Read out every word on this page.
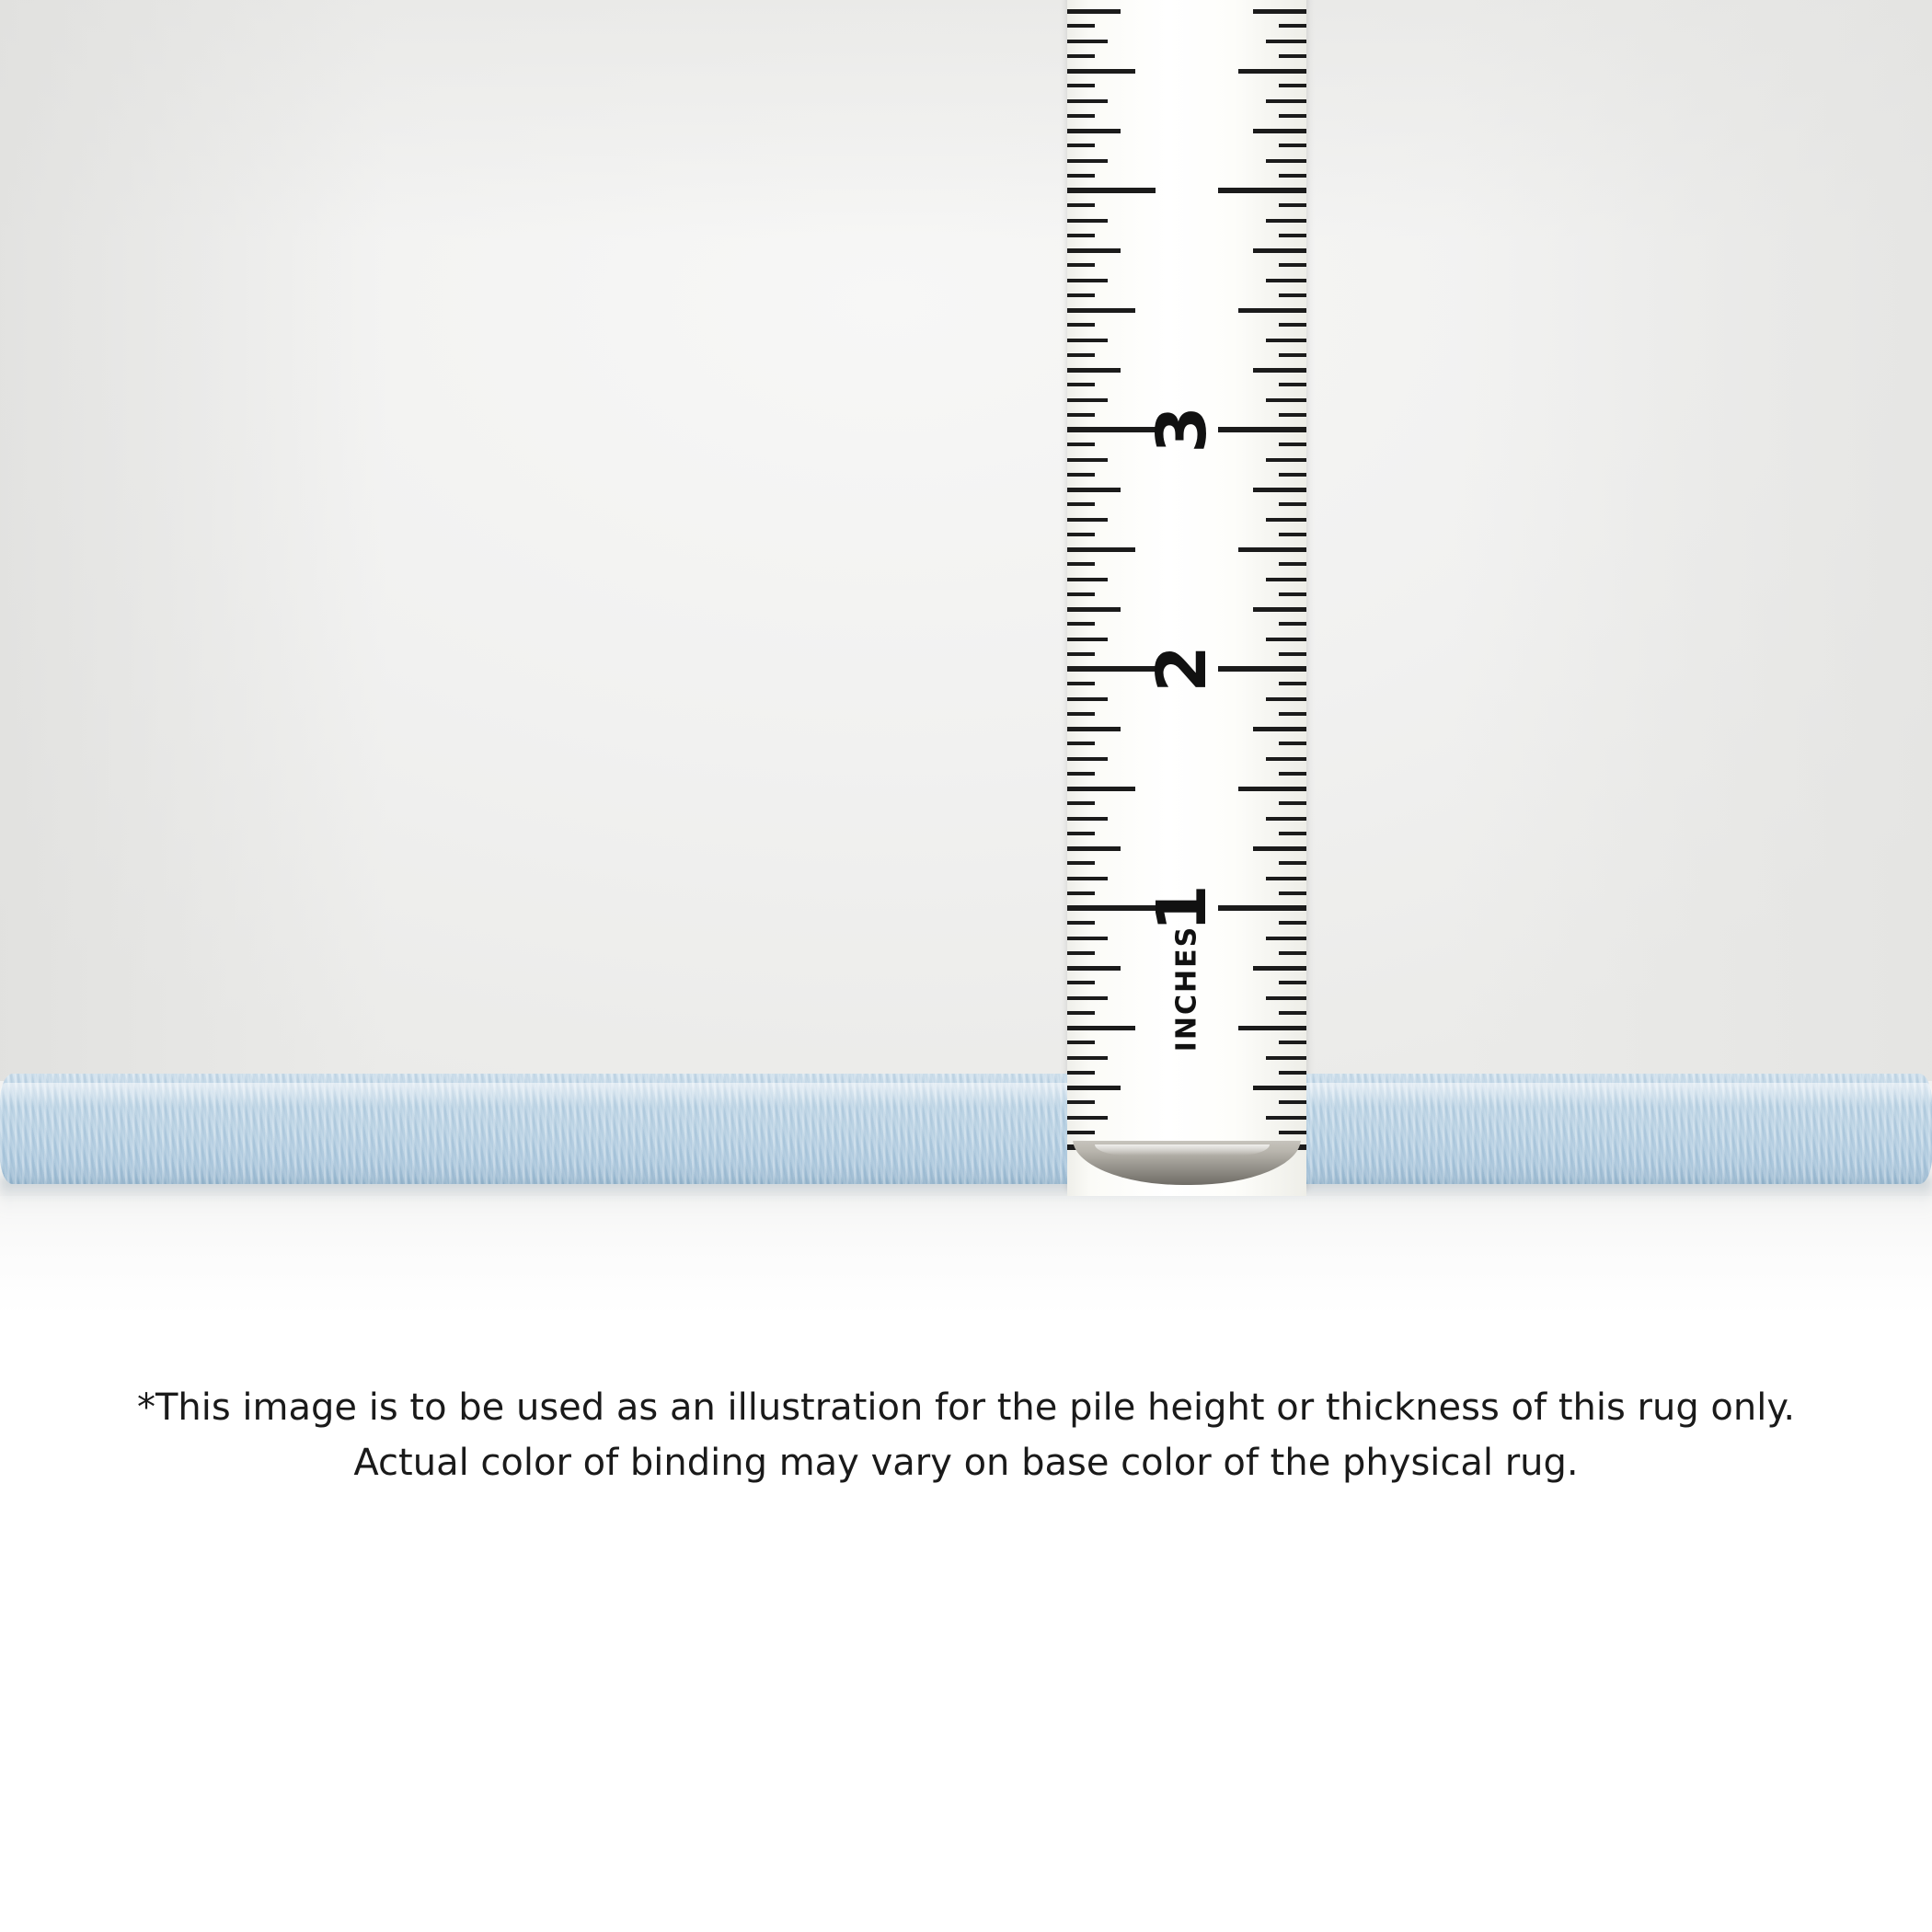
1
2
3
INCHES
*This image is to be used as an illustration for the pile height or thickness of this rug only.
Actual color of binding may vary on base color of the physical rug.
